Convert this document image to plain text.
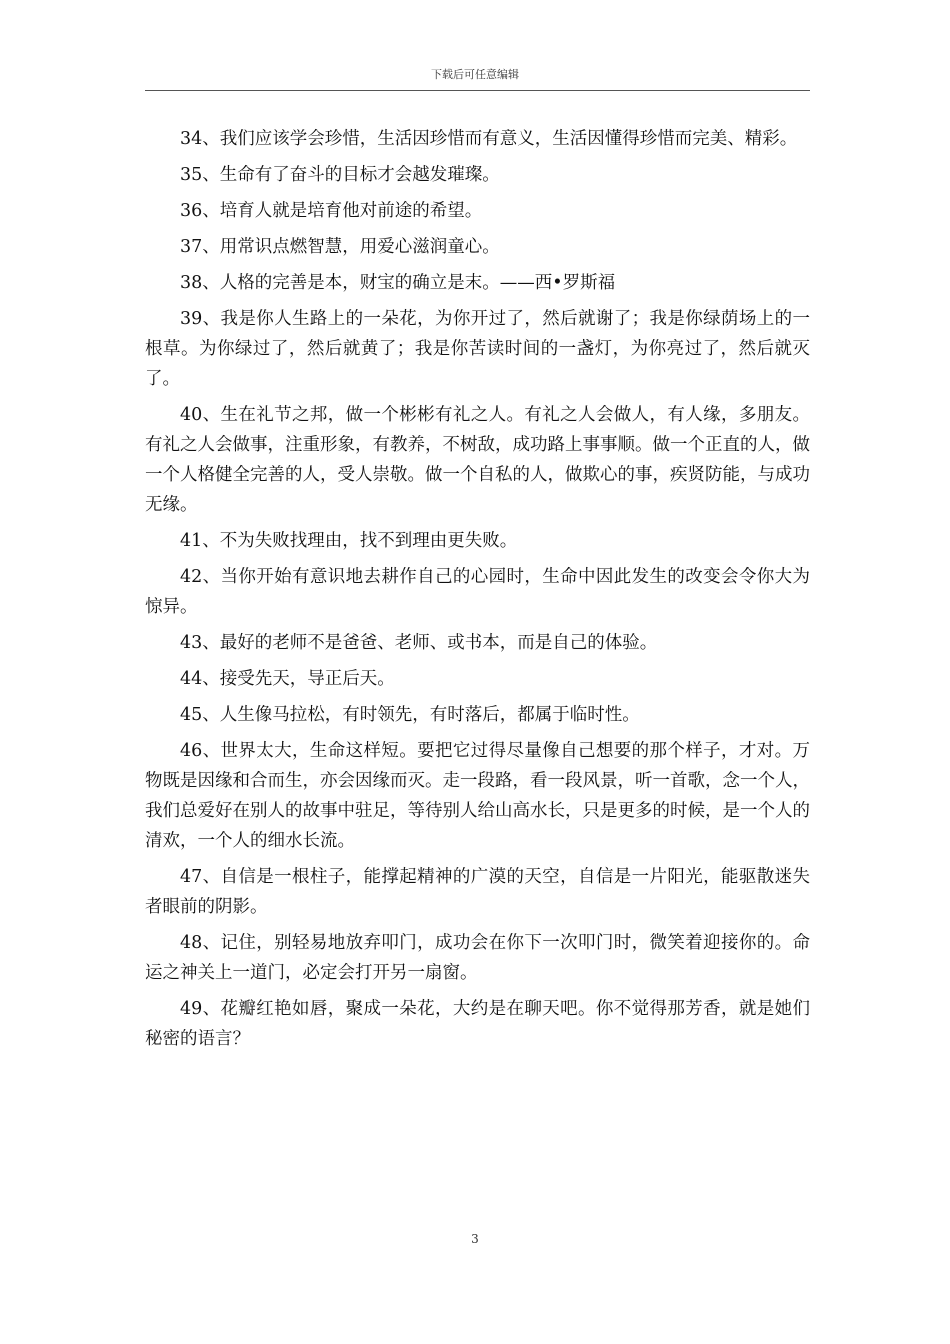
下载后可任意编辑

34、我们应该学会珍惜，生活因珍惜而有意义，生活因懂得珍惜而完美、精彩。

35、生命有了奋斗的目标才会越发璀璨。

36、培育人就是培育他对前途的希望。

37、用常识点燃智慧，用爱心滋润童心。

38、人格的完善是本，财宝的确立是末。——西•罗斯福

39、我是你人生路上的一朵花，为你开过了，然后就谢了；我是你绿荫场上的一根草。为你绿过了，然后就黄了；我是你苦读时间的一盏灯，为你亮过了，然后就灭了。

40、生在礼节之邦，做一个彬彬有礼之人。有礼之人会做人，有人缘，多朋友。有礼之人会做事，注重形象，有教养，不树敌，成功路上事事顺。做一个正直的人，做一个人格健全完善的人，受人崇敬。做一个自私的人，做欺心的事，疾贤防能，与成功无缘。

41、不为失败找理由，找不到理由更失败。

42、当你开始有意识地去耕作自己的心园时，生命中因此发生的改变会令你大为惊异。

43、最好的老师不是爸爸、老师、或书本，而是自己的体验。

44、接受先天，导正后天。

45、人生像马拉松，有时领先，有时落后，都属于临时性。

46、世界太大，生命这样短。要把它过得尽量像自己想要的那个样子，才对。万物既是因缘和合而生，亦会因缘而灭。走一段路，看一段风景，听一首歌，念一个人，我们总爱好在别人的故事中驻足，等待别人给山高水长，只是更多的时候，是一个人的清欢，一个人的细水长流。

47、自信是一根柱子，能撑起精神的广漠的天空，自信是一片阳光，能驱散迷失者眼前的阴影。

48、记住，别轻易地放弃叩门，成功会在你下一次叩门时，微笑着迎接你的。命运之神关上一道门，必定会打开另一扇窗。

49、花瓣红艳如唇，聚成一朵花，大约是在聊天吧。你不觉得那芳香，就是她们秘密的语言？

3
